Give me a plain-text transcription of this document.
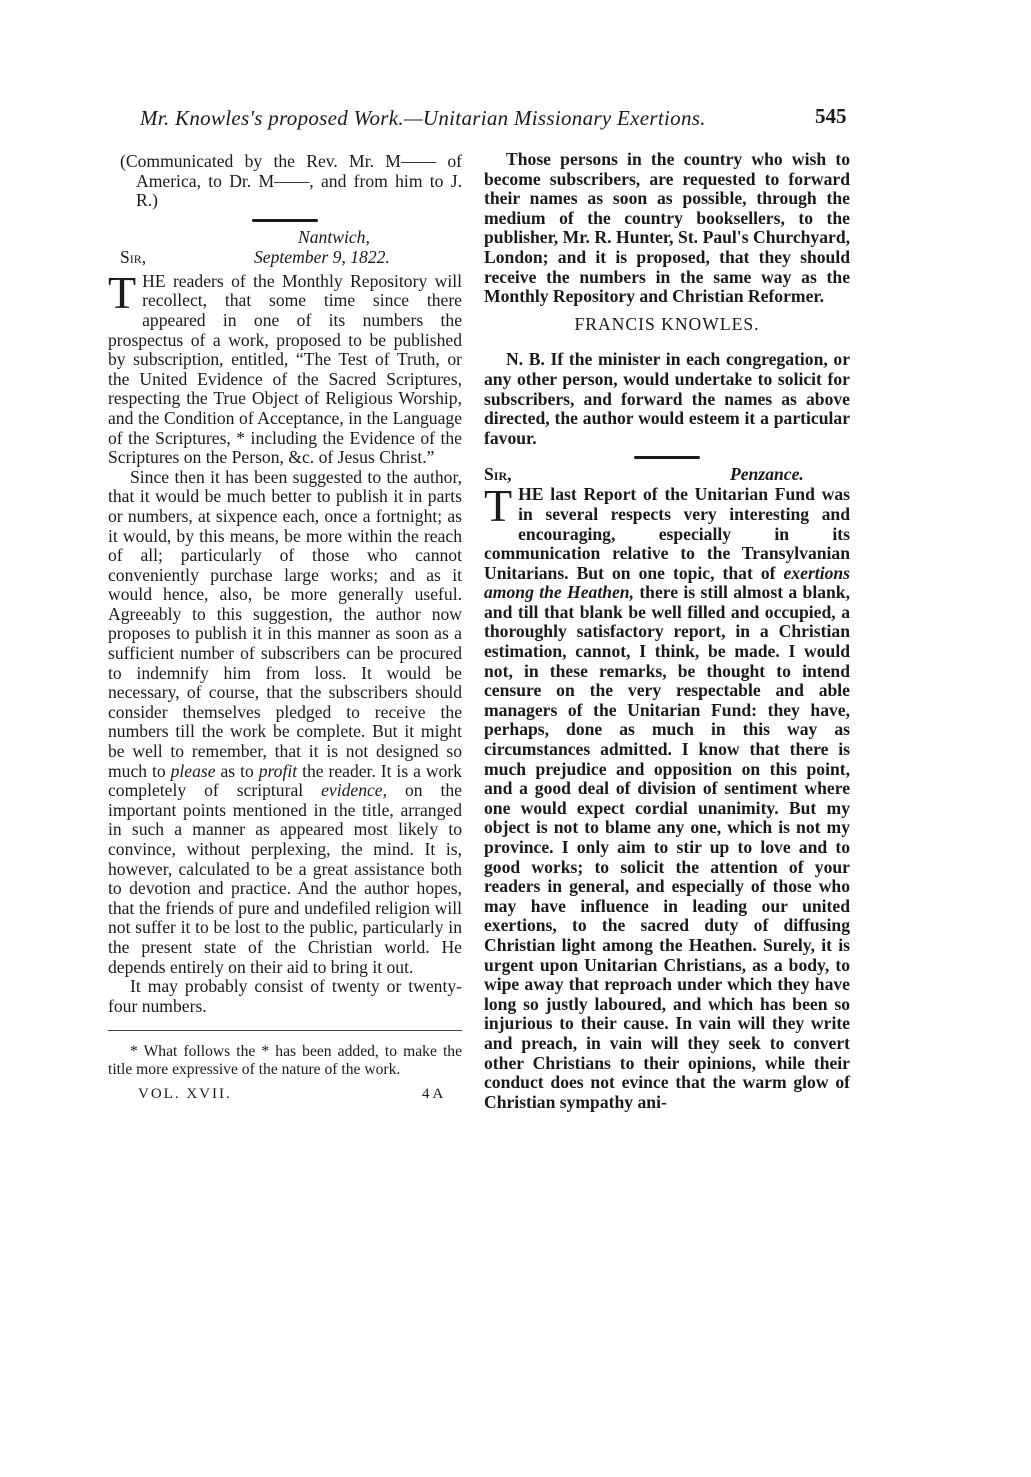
Mr. Knowles's proposed Work.—Unitarian Missionary Exertions.	545

(Communicated by the Rev. Mr. M—— of America, to Dr. M——, and from him to J. R.)

Nantwich,
Sir,	September 9, 1822.

THE readers of the Monthly Repository will recollect, that some time since there appeared in one of its numbers the prospectus of a work, proposed to be published by subscription, entitled, “The Test of Truth, or the United Evidence of the Sacred Scriptures, respecting the True Object of Religious Worship, and the Condition of Acceptance, in the Language of the Scriptures, * including the Evidence of the Scriptures on the Person, &c. of Jesus Christ.”

Since then it has been suggested to the author, that it would be much better to publish it in parts or numbers, at sixpence each, once a fortnight; as it would, by this means, be more within the reach of all; particularly of those who cannot conveniently purchase large works; and as it would hence, also, be more generally useful. Agreeably to this suggestion, the author now proposes to publish it in this manner as soon as a sufficient number of subscribers can be procured to indemnify him from loss. It would be necessary, of course, that the subscribers should consider themselves pledged to receive the numbers till the work be complete. But it might be well to remember, that it is not designed so much to please as to profit the reader. It is a work completely of scriptural evidence, on the important points mentioned in the title, arranged in such a manner as appeared most likely to convince, without perplexing, the mind. It is, however, calculated to be a great assistance both to devotion and practice. And the author hopes, that the friends of pure and undefiled religion will not suffer it to be lost to the public, particularly in the present state of the Christian world. He depends entirely on their aid to bring it out.

It may probably consist of twenty or twenty-four numbers.

* What follows the * has been added, to make the title more expressive of the nature of the work.

VOL. XVII.	4 A

Those persons in the country who wish to become subscribers, are requested to forward their names as soon as possible, through the medium of the country booksellers, to the publisher, Mr. R. Hunter, St. Paul's Churchyard, London; and it is proposed, that they should receive the numbers in the same way as the Monthly Repository and Christian Reformer.

FRANCIS KNOWLES.

N. B. If the minister in each congregation, or any other person, would undertake to solicit for subscribers, and forward the names as above directed, the author would esteem it a particular favour.

Sir,	Penzance.

THE last Report of the Unitarian Fund was in several respects very interesting and encouraging, especially in its communication relative to the Transylvanian Unitarians. But on one topic, that of exertions among the Heathen, there is still almost a blank, and till that blank be well filled and occupied, a thoroughly satisfactory report, in a Christian estimation, cannot, I think, be made. I would not, in these remarks, be thought to intend censure on the very respectable and able managers of the Unitarian Fund: they have, perhaps, done as much in this way as circumstances admitted. I know that there is much prejudice and opposition on this point, and a good deal of division of sentiment where one would expect cordial unanimity. But my object is not to blame any one, which is not my province. I only aim to stir up to love and to good works; to solicit the attention of your readers in general, and especially of those who may have influence in leading our united exertions, to the sacred duty of diffusing Christian light among the Heathen. Surely, it is urgent upon Unitarian Christians, as a body, to wipe away that reproach under which they have long so justly laboured, and which has been so injurious to their cause. In vain will they write and preach, in vain will they seek to convert other Christians to their opinions, while their conduct does not evince that the warm glow of Christian sympathy ani-
